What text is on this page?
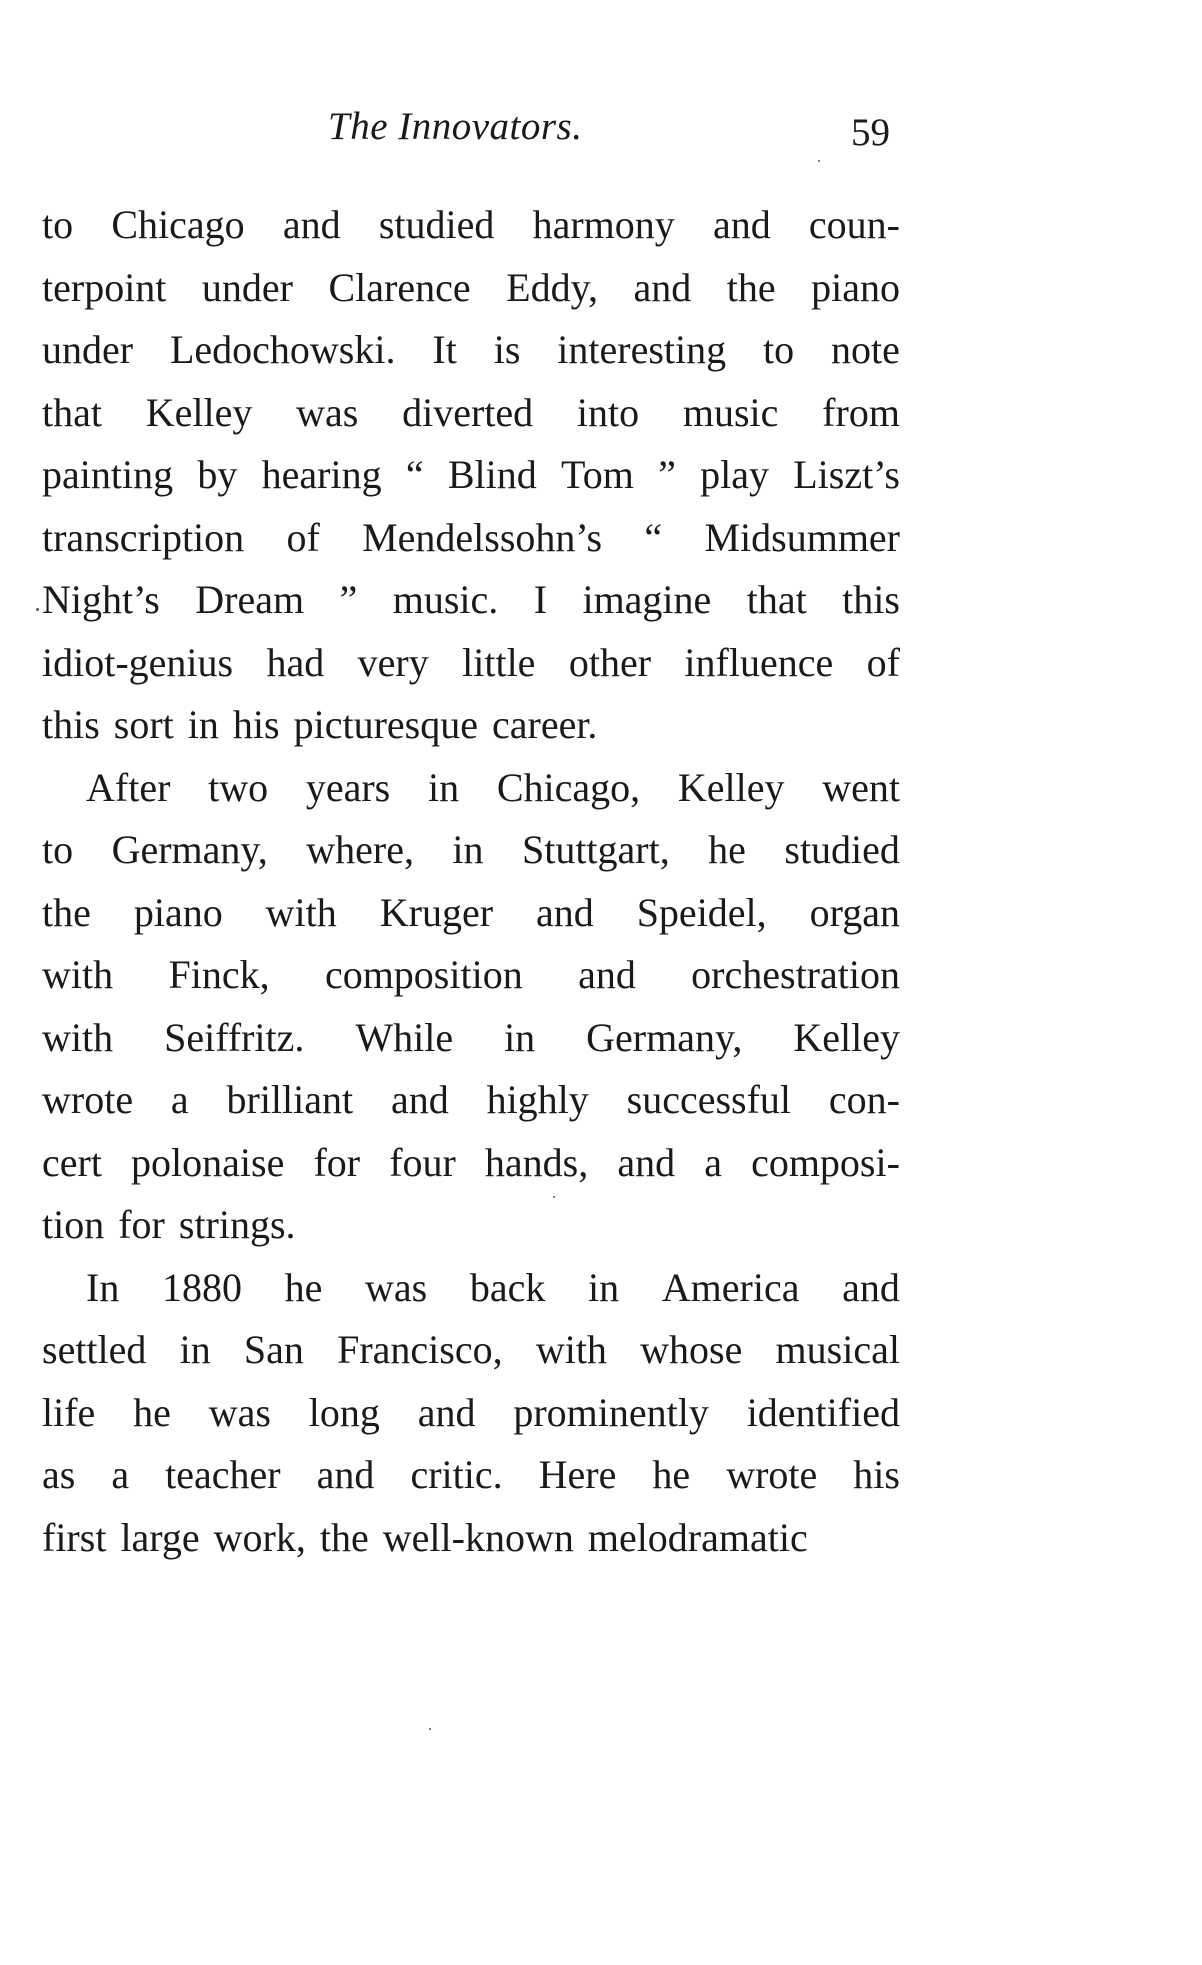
The Innovators.	59
to Chicago and studied harmony and coun-
terpoint under Clarence Eddy, and the piano
under Ledochowski. It is interesting to note
that Kelley was diverted into music from
painting by hearing “ Blind Tom ” play Liszt’s
transcription of Mendelssohn’s “ Midsummer
Night’s Dream ” music. I imagine that this
idiot-genius had very little other influence of
this sort in his picturesque career.
After two years in Chicago, Kelley went
to Germany, where, in Stuttgart, he studied
the piano with Kruger and Speidel, organ
with Finck, composition and orchestration
with Seiffritz. While in Germany, Kelley
wrote a brilliant and highly successful con-
cert polonaise for four hands, and a composi-
tion for strings.
In 1880 he was back in America and
settled in San Francisco, with whose musical
life he was long and prominently identified
as a teacher and critic. Here he wrote his
first large work, the well-known melodramatic
